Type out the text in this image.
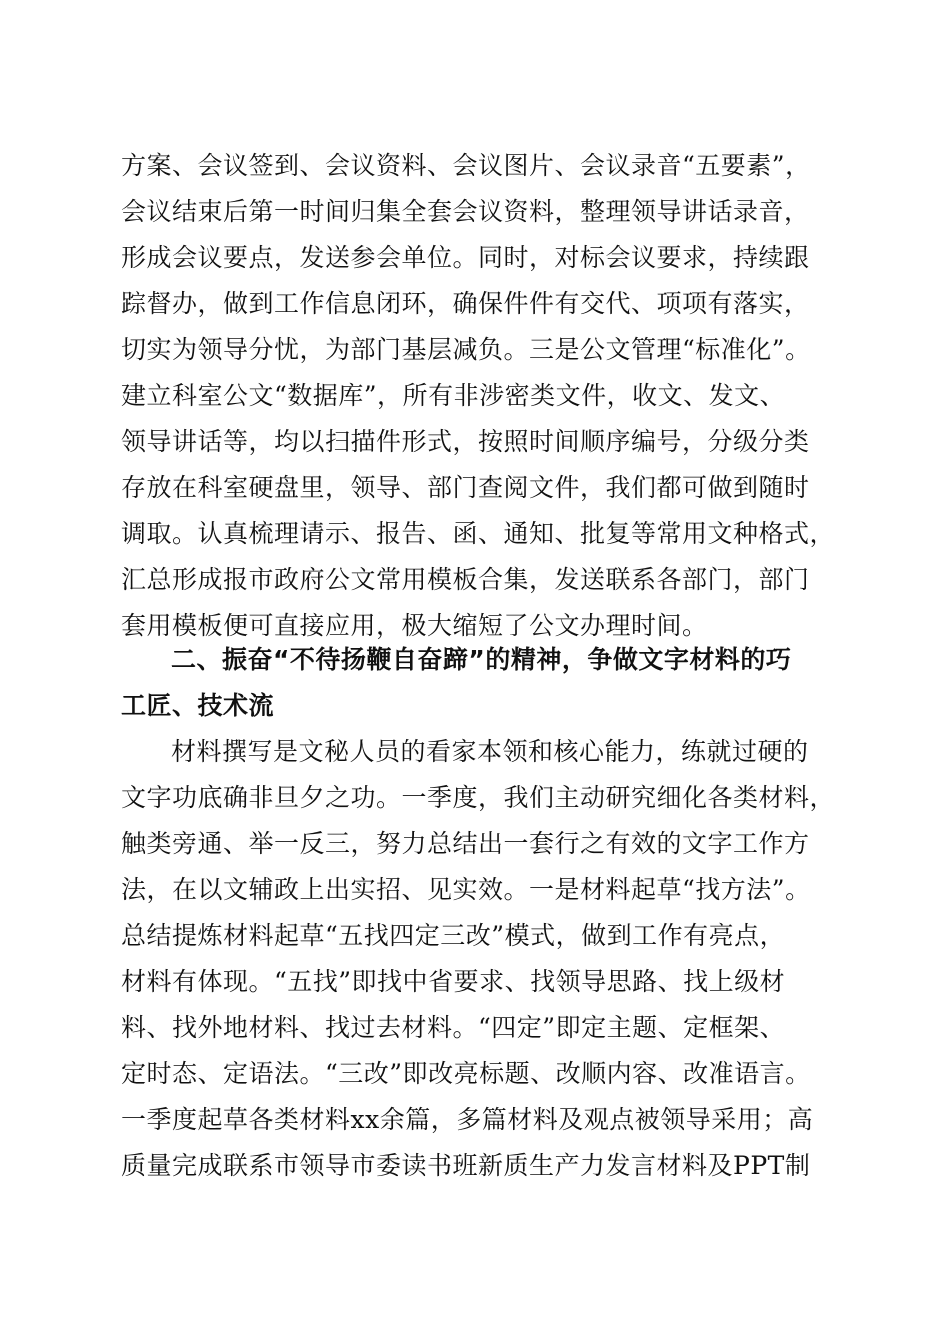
方案、会议签到、会议资料、会议图片、会议录音“五要素”，
会议结束后第一时间归集全套会议资料，整理领导讲话录音，
形成会议要点，发送参会单位。同时，对标会议要求，持续跟
踪督办，做到工作信息闭环，确保件件有交代、项项有落实，
切实为领导分忧，为部门基层减负。三是公文管理“标准化”。
建立科室公文“数据库”，所有非涉密类文件，收文、发文、
领导讲话等，均以扫描件形式，按照时间顺序编号，分级分类
存放在科室硬盘里，领导、部门查阅文件，我们都可做到随时
调取。认真梳理请示、报告、函、通知、批复等常用文种格式，
汇总形成报市政府公文常用模板合集，发送联系各部门，部门
套用模板便可直接应用，极大缩短了公文办理时间。
二、振奋“不待扬鞭自奋蹄”的精神，争做文字材料的巧
工匠、技术流
材料撰写是文秘人员的看家本领和核心能力，练就过硬的
文字功底确非旦夕之功。一季度，我们主动研究细化各类材料，
触类旁通、举一反三，努力总结出一套行之有效的文字工作方
法，在以文辅政上出实招、见实效。一是材料起草“找方法”。
总结提炼材料起草“五找四定三改”模式，做到工作有亮点，
材料有体现。“五找”即找中省要求、找领导思路、找上级材
料、找外地材料、找过去材料。“四定”即定主题、定框架、
定时态、定语法。“三改”即改亮标题、改顺内容、改准语言。
一季度起草各类材料xx余篇，多篇材料及观点被领导采用；高
质量完成联系市领导市委读书班新质生产力发言材料及PPT制
